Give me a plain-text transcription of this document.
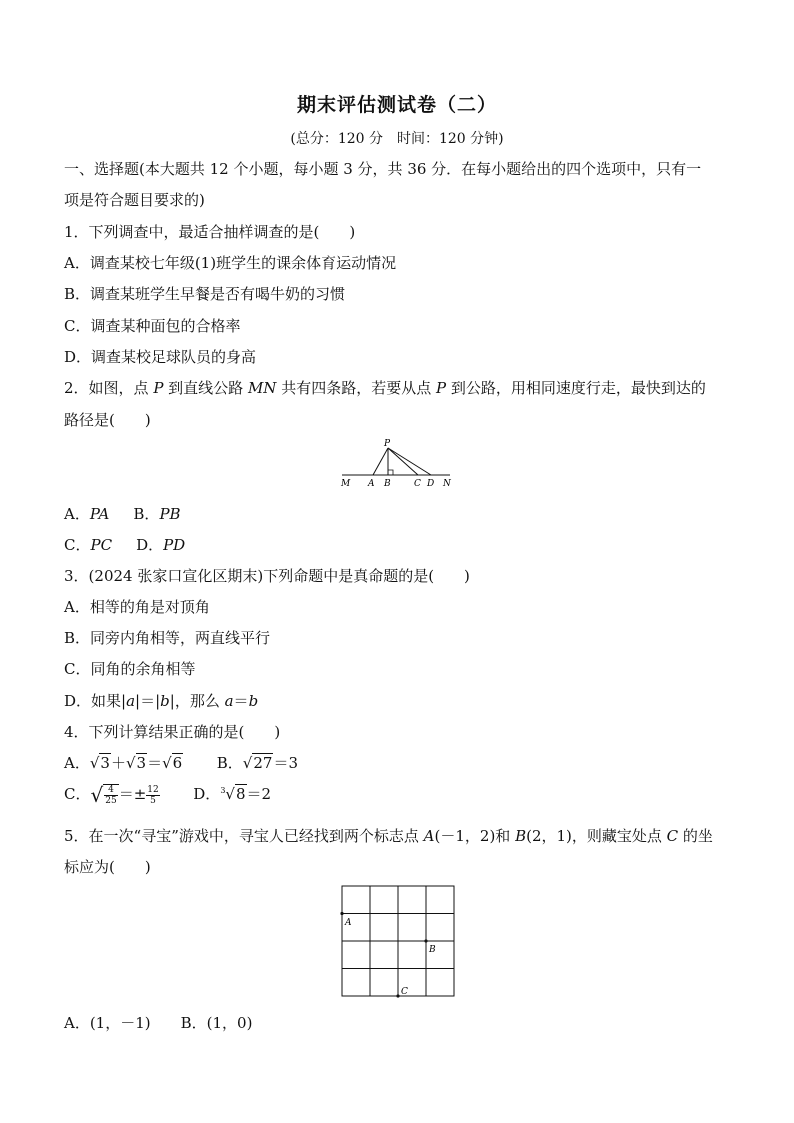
期末评估测试卷（二）
(总分：120 分　时间：120 分钟)
一、选择题(本大题共 12 个小题，每小题 3 分，共 36 分．在每小题给出的四个选项中，只有一
项是符合题目要求的)
1．下列调查中，最适合抽样调查的是(　　)
A．调查某校七年级(1)班学生的课余体育运动情况
B．调查某班学生早餐是否有喝牛奶的习惯
C．调查某种面包的合格率
D．调查某校足球队员的身高
2．如图，点 P 到直线公路 MN 共有四条路，若要从点 P 到公路，用相同速度行走，最快到达的
路径是(　　)
P
M A B	C D N
A．PA B．PB
C．PC D．PD
3．(2024 张家口宣化区期末)下列命题中是真命题的是(　　)
A．相等的角是对顶角
B．同旁内角相等，两直线平行
C．同角的余角相等
D．如果|a|＝|b|，那么 a＝b
4．下列计算结果正确的是(　　)
A．√3＋√3＝√6 B．√27＝3
C．√ $\frac{4}{25} =\pm \frac{12}{5}$ D．$^3$√8＝2
5．在一次“寻宝”游戏中，寻宝人已经找到两个标志点 A(－1，2)和 B(2，1)，则藏宝处点 C 的坐
标应为(　　)
A
B
C
A．(1，－1)　　B．(1，0)
